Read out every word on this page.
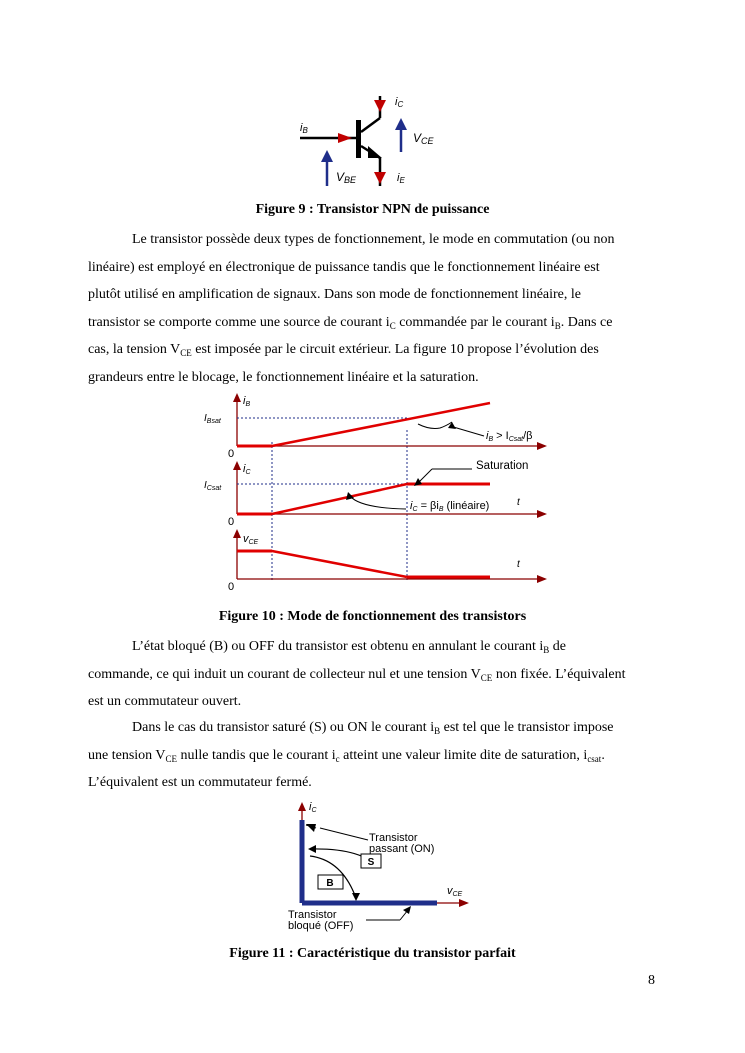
iC
iB
VCE
VBE	iE
Figure 9 : Transistor NPN de puissance
Le transistor possède deux types de fonctionnement, le mode en commutation (ou non
linéaire) est employé en électronique de puissance tandis que le fonctionnement linéaire est
plutôt utilisé en amplification de signaux. Dans son mode de fonctionnement linéaire, le
transistor se comporte comme une source de courant $i_C$ commandée par le courant $i_B$. Dans ce
cas, la tension $V_{CE}$ est imposée par le circuit extérieur. La figure 10 propose l’évolution des
grandeurs entre le blocage, le fonctionnement linéaire et la saturation.
iB
$I_{Bsat}$
0
iB > ICsat/β
iC
$I_{Csat}$
0
Saturation
iC = βiB (linéaire)	t
vCE
0
t
Figure 10 : Mode de fonctionnement des transistors
L’état bloqué (B) ou OFF du transistor est obtenu en annulant le courant $i_B$ de
commande, ce qui induit un courant de collecteur nul et une tension $V_{CE}$ non fixée. L’équivalent
est un commutateur ouvert.
Dans le cas du transistor saturé (S) ou ON le courant $i_B$ est tel que le transistor impose
une tension $V_{CE}$ nulle tandis que le courant $i_c$ atteint une valeur limite dite de saturation, $i_{csat}$.
L’équivalent est un commutateur fermé.
S
B
Transistor
passant (ON)
Transistor
bloqué (OFF)
iC
vCE
Figure 11 : Caractéristique du transistor parfait
8
